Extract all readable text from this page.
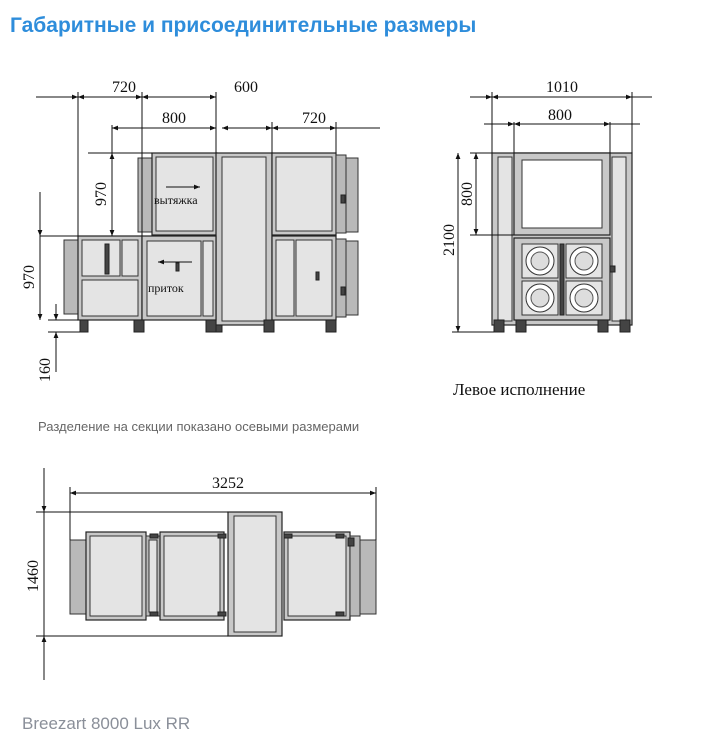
Габаритные и присоединительные размеры
вытяжка
приток
720	600
800	720
970
970
160
1010
800
800
2100
3252
1460
Левое исполнение
Разделение на секции показано осевыми размерами
Breezart 8000 Lux RR
